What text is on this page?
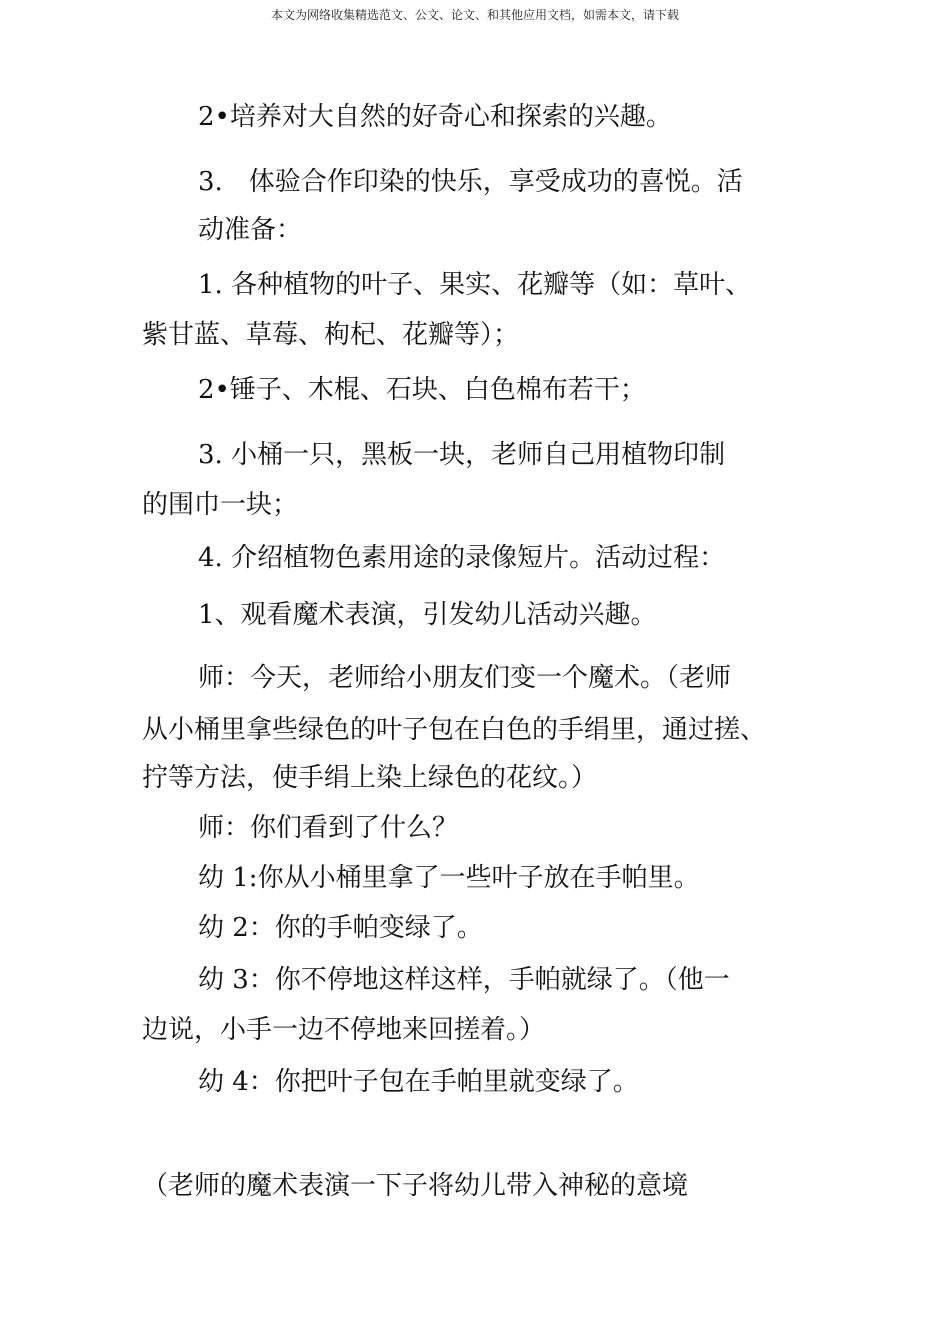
本文为网络收集精选范文、公文、论文、和其他应用文档，如需本文，请下载
2•培养对大自然的好奇心和探索的兴趣。
3.　体验合作印染的快乐，享受成功的喜悦。活
动准备：
1. 各种植物的叶子、果实、花瓣等（如：草叶、
紫甘蓝、草莓、枸杞、花瓣等）；
2•锤子、木棍、石块、白色棉布若干；
3. 小桶一只，黑板一块，老师自己用植物印制
的围巾一块；
4. 介绍植物色素用途的录像短片。活动过程：
1、观看魔术表演，引发幼儿活动兴趣。
师：今天，老师给小朋友们变一个魔术。（老师
从小桶里拿些绿色的叶子包在白色的手绢里，通过搓、
拧等方法，使手绢上染上绿色的花纹。）
师：你们看到了什么？
幼 1:你从小桶里拿了一些叶子放在手帕里。
幼 2：你的手帕变绿了。
幼 3：你不停地这样这样，手帕就绿了。（他一
边说，小手一边不停地来回搓着。）
幼 4：你把叶子包在手帕里就变绿了。
（老师的魔术表演一下子将幼儿带入神秘的意境
